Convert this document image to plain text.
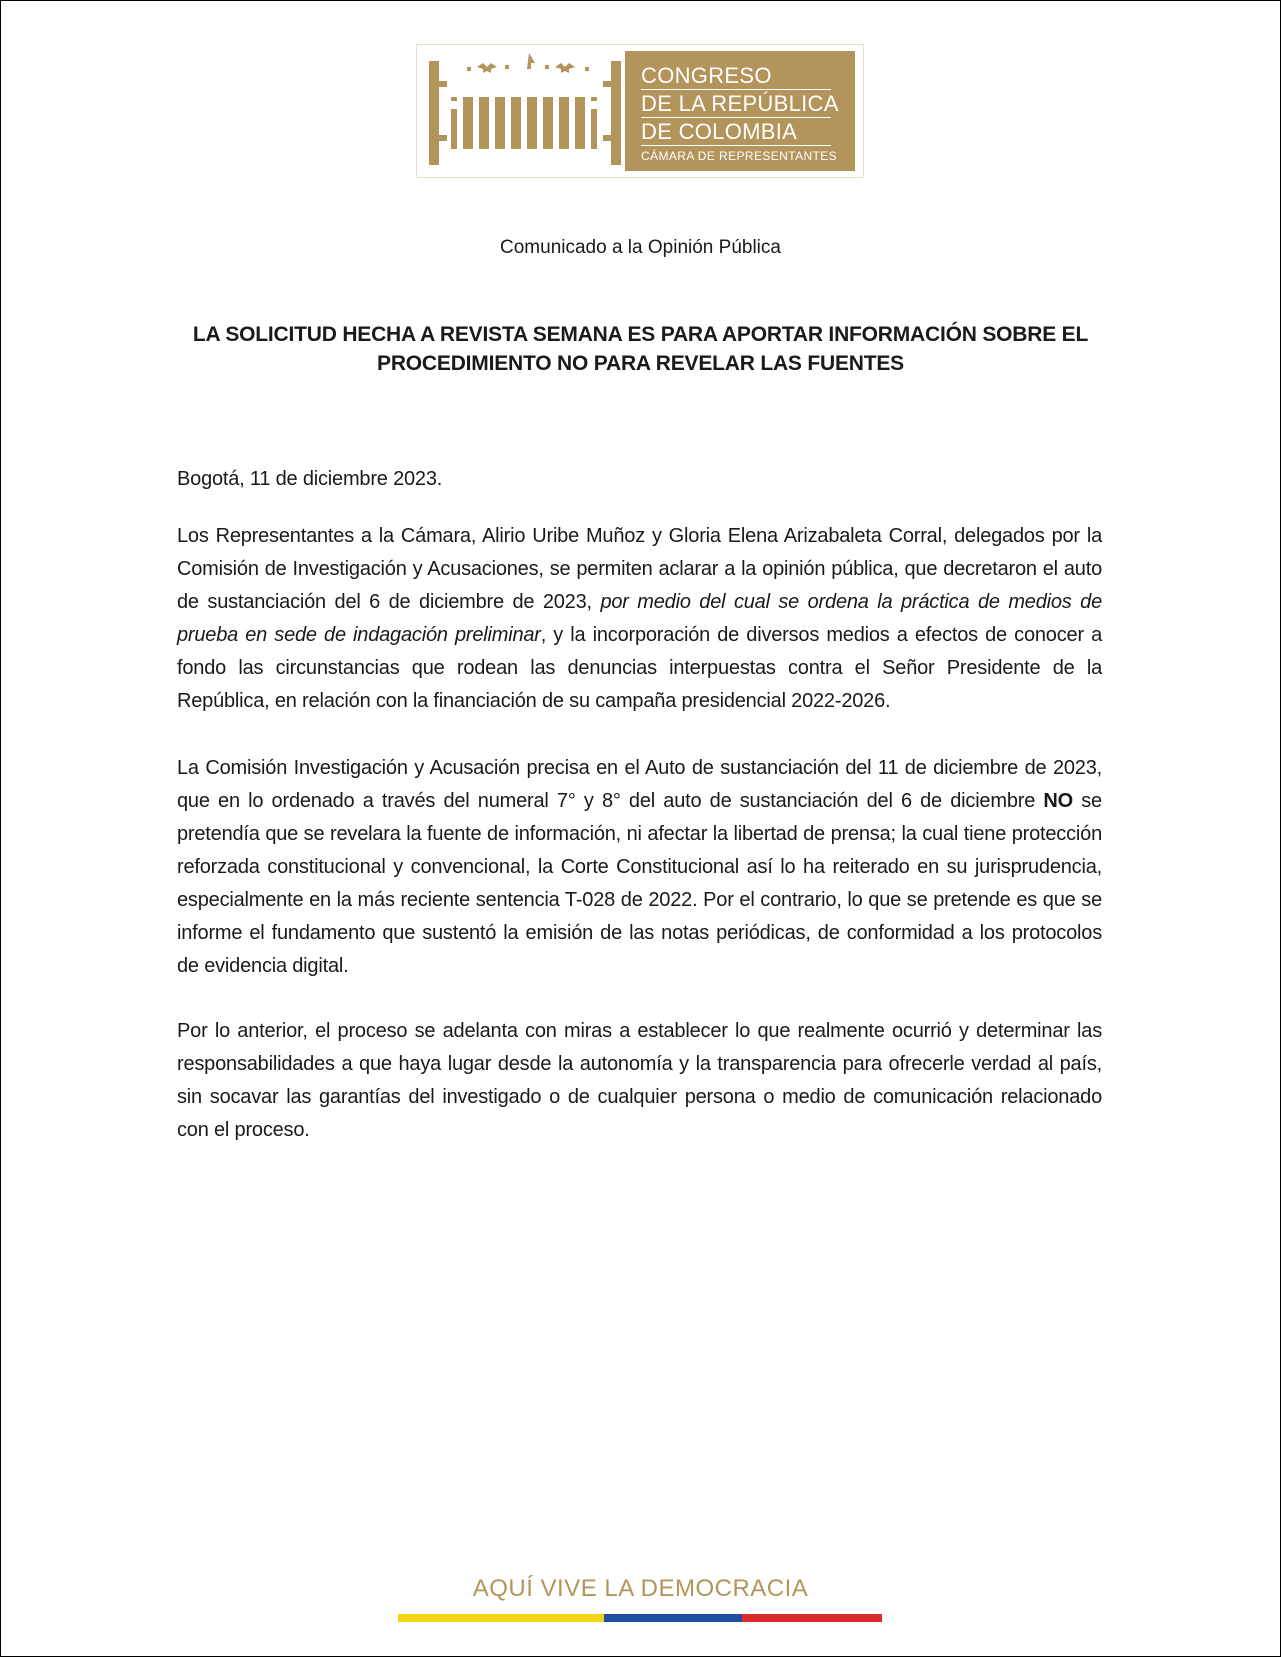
CONGRESO
DE LA REPÚBLICA
DE COLOMBIA
CÁMARA DE REPRESENTANTES
Comunicado a la Opinión Pública
LA SOLICITUD HECHA A REVISTA SEMANA ES PARA APORTAR INFORMACIÓN SOBRE EL
PROCEDIMIENTO NO PARA REVELAR LAS FUENTES
Bogotá, 11 de diciembre 2023.
Los Representantes a la Cámara, Alirio Uribe Muñoz y Gloria Elena Arizabaleta Corral, delegados por la Comisión de Investigación y Acusaciones, se permiten aclarar a la opinión pública, que decretaron el auto de sustanciación del 6 de diciembre de 2023, por medio del cual se ordena la práctica de medios de prueba en sede de indagación preliminar, y la incorporación de diversos medios a efectos de conocer a fondo las circunstancias que rodean las denuncias interpuestas contra el Señor Presidente de la República, en relación con la financiación de su campaña presidencial 2022-2026.
La Comisión Investigación y Acusación precisa en el Auto de sustanciación del 11 de diciembre de 2023, que en lo ordenado a través del numeral 7° y 8° del auto de sustanciación del 6 de diciembre NO se pretendía que se revelara la fuente de información, ni afectar la libertad de prensa; la cual tiene protección reforzada constitucional y convencional, la Corte Constitucional así lo ha reiterado en su jurisprudencia, especialmente en la más reciente sentencia T-028 de 2022. Por el contrario, lo que se pretende es que se informe el fundamento que sustentó la emisión de las notas periódicas, de conformidad a los protocolos de evidencia digital.
Por lo anterior, el proceso se adelanta con miras a establecer lo que realmente ocurrió y determinar las responsabilidades a que haya lugar desde la autonomía y la transparencia para ofrecerle verdad al país, sin socavar las garantías del investigado o de cualquier persona o medio de comunicación relacionado con el proceso.
AQUÍ VIVE LA DEMOCRACIA
